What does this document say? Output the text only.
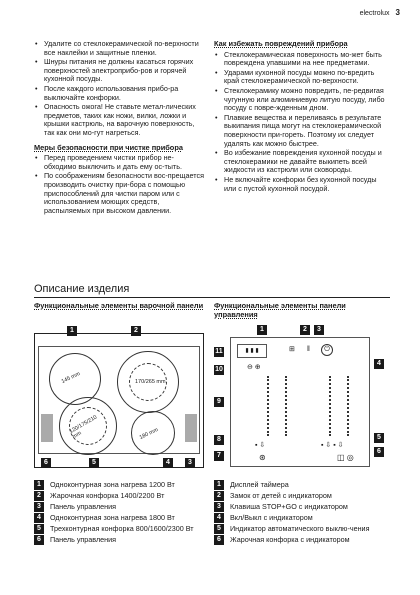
electrolux 3
• Удалите со стеклокерамической по-верхности все наклейки и защитные пленки.
• Шнуры питания не должны касаться горячих поверхностей электроприбо-ров и горячей кухонной посуды.
• После каждого использования прибо-ра выключайте конфорки.
• Опасность ожога! Не ставьте метал-лических предметов, таких как ножи, вилки, ложки и крышки кастрюль, на варочную поверхность, так как они мо-гут нагреться.
Меры безопасности при чистке прибора
• Перед проведением чистки прибор не-обходимо выключить и дать ему ос-тыть.
• По соображениям безопасности вос-прещается производить очистку при-бора с помощью приспособлений для чистки паром или с использованием моющих средств, распыляемых при высоком давлении.
Как избежать повреждений прибора
• Стеклокерамическая поверхность мо-жет быть повреждена упавшими на нее предметами.
• Ударами кухонной посуды можно по-вредить край стеклокерамической по-верхности.
• Стеклокерамику можно повредить, пе-редвигая чугунную или алюминиевую литую посуду, либо посуду с повре-жденным дном.
• Плавкие вещества и переливаясь в результате выкипания пища могут на стеклокерамической поверхности при-гореть. Поэтому их следует удалять как можно быстрее.
• Во избежание повреждения кухонной посуды и стеклокерамики не давайте выкипеть всей жидкости из кастрюли или сковороды.
• Не включайте конфорки без кухонной посуды или с пустой кухонной посудой.
Описание изделия
Функциональные элементы варочной панели Функциональные элементы панели управления
145 mm	170/265 mm
120/175/210 mm	180 mm
1	2
3
4
5
6
1	2	3
4
5
6
7
8
9
10
11	▮ ▮ ▮	⊞ ‖	⏻
⊖ ⊕
▪ ⇩	▪ ⇩ ▪ ⇩
⊛	◫ ◎
1	Одноконтурная зона нагрева 1200 Вт
2	Жарочная конфорка 1400/2200 Вт
3	Панель управления
4	Одноконтурная зона нагрева 1800 Вт
5	Трехконтурная конфорка 800/1600/2300 Вт
6	Панель управления
1	Дисплей таймера
2	Замок от детей с индикатором
3	Клавиша STOP+GO с индикатором
4	Вкл/Выкл с индикатором
5	Индикатор автоматического выклю-чения
6	Жарочная конфорка с индикатором
